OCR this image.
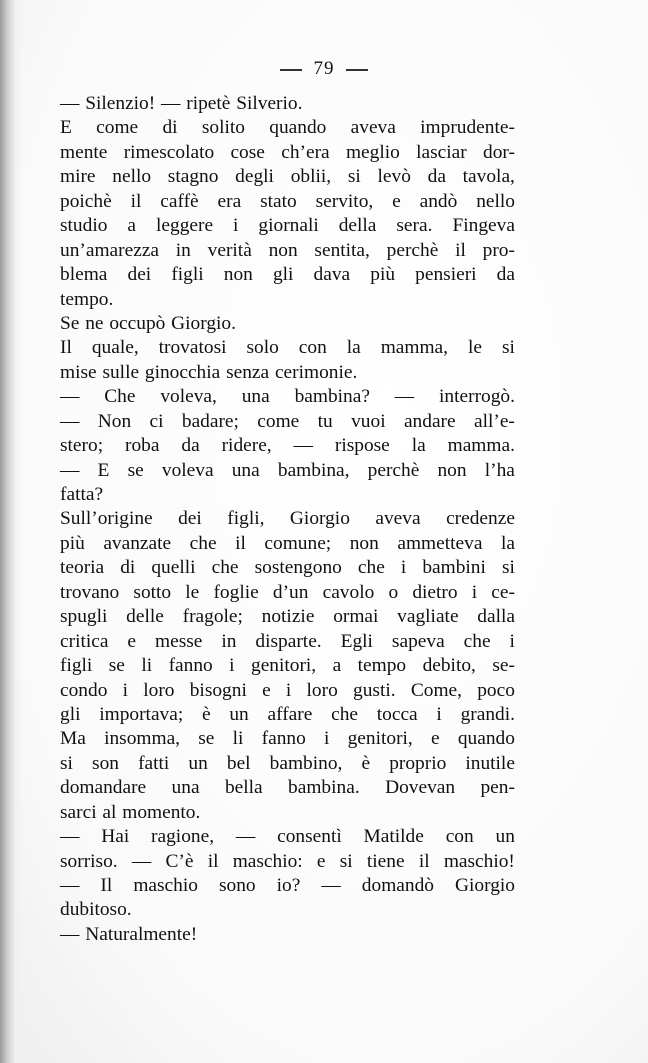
79
— Silenzio! — ripetè Silverio.
E come di solito quando aveva imprudente-
mente rimescolato cose ch’era meglio lasciar dor-
mire nello stagno degli oblii, si levò da tavola,
poichè il caffè era stato servito, e andò nello
studio a leggere i giornali della sera. Fingeva
un’amarezza in verità non sentita, perchè il pro-
blema dei figli non gli dava più pensieri da
tempo.
Se ne occupò Giorgio.
Il quale, trovatosi solo con la mamma, le si
mise sulle ginocchia senza cerimonie.
— Che voleva, una bambina? — interrogò.
— Non ci badare; come tu vuoi andare all’e-
stero; roba da ridere, — rispose la mamma.
— E se voleva una bambina, perchè non l’ha
fatta?
Sull’origine dei figli, Giorgio aveva credenze
più avanzate che il comune; non ammetteva la
teoria di quelli che sostengono che i bambini si
trovano sotto le foglie d’un cavolo o dietro i ce-
spugli delle fragole; notizie ormai vagliate dalla
critica e messe in disparte. Egli sapeva che i
figli se li fanno i genitori, a tempo debito, se-
condo i loro bisogni e i loro gusti. Come, poco
gli importava; è un affare che tocca i grandi.
Ma insomma, se li fanno i genitori, e quando
si son fatti un bel bambino, è proprio inutile
domandare una bella bambina. Dovevan pen-
sarci al momento.
— Hai ragione, — consentì Matilde con un
sorriso. — C’è il maschio: e si tiene il maschio!
— Il maschio sono io? — domandò Giorgio
dubitoso.
— Naturalmente!
